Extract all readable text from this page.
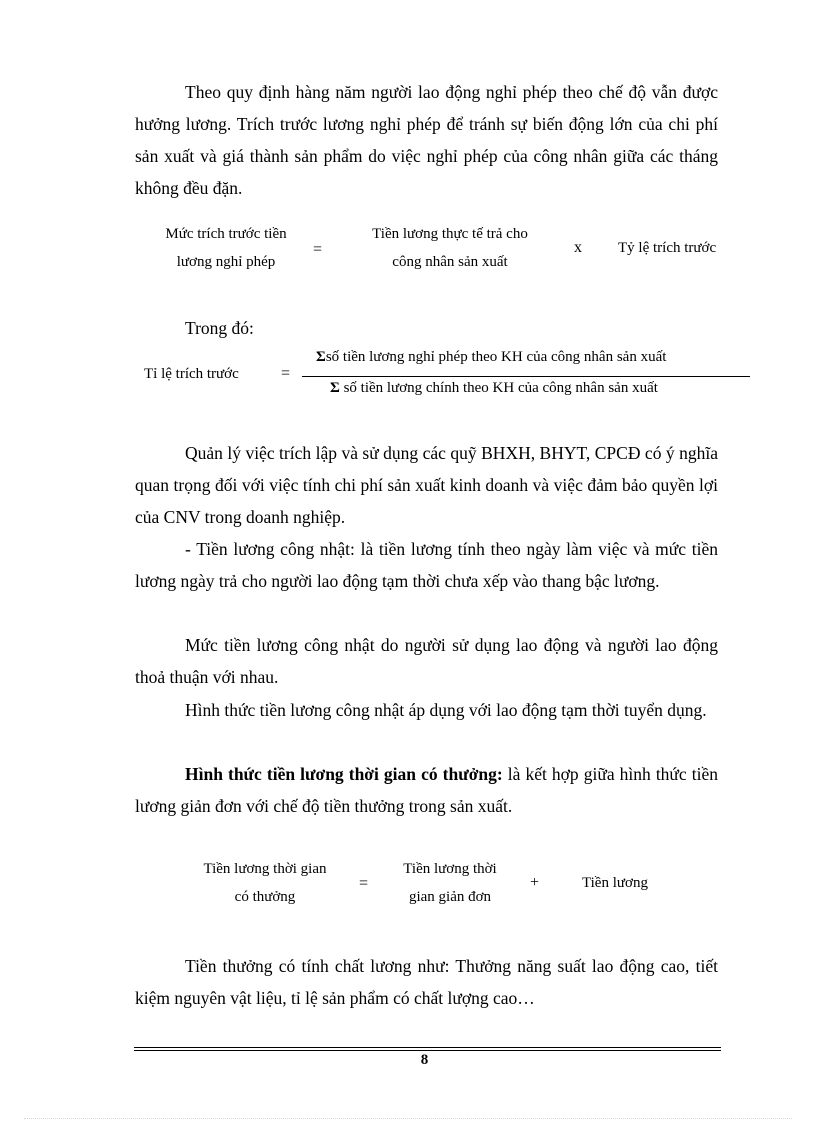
Theo quy định hàng năm người lao động nghỉ phép theo chế độ vẫn được hưởng lương. Trích trước lương nghỉ phép để tránh sự biến động lớn của chi phí sản xuất và giá thành sản phẩm do việc nghỉ phép của công nhân giữa các tháng không đều đặn.

Mức trích trước tiền
lương nghỉ phép
=
Tiền lương thực tế trả cho
công nhân sản xuất
x Tỷ lệ trích trước

Trong đó:

Tỉ lệ trích trước	=
Σsố tiền lương nghỉ phép theo KH của công nhân sản xuất
Σ số tiền lương chính theo KH của công nhân sản xuất

Quản lý việc trích lập và sử dụng các quỹ BHXH, BHYT, CPCĐ có ý nghĩa quan trọng đối với việc tính chi phí sản xuất kinh doanh và việc đảm bảo quyền lợi của CNV trong doanh nghiệp.

- Tiền lương công nhật: là tiền lương tính theo ngày làm việc và mức tiền lương ngày trả cho người lao động tạm thời chưa xếp vào thang bậc lương.

Mức tiền lương công nhật do người sử dụng lao động và người lao động thoả thuận với nhau.

Hình thức tiền lương công nhật áp dụng với lao động tạm thời tuyển dụng.

Hình thức tiền lương thời gian có thưởng: là kết hợp giữa hình thức tiền lương giản đơn với chế độ tiền thưởng trong sản xuất.

Tiền lương thời gian
có thưởng
=
Tiền lương thời
gian giản đơn
+	Tiền lương

Tiền thưởng có tính chất lương như: Thưởng năng suất lao động cao, tiết kiệm nguyên vật liệu, tỉ lệ sản phẩm có chất lượng cao…

8
